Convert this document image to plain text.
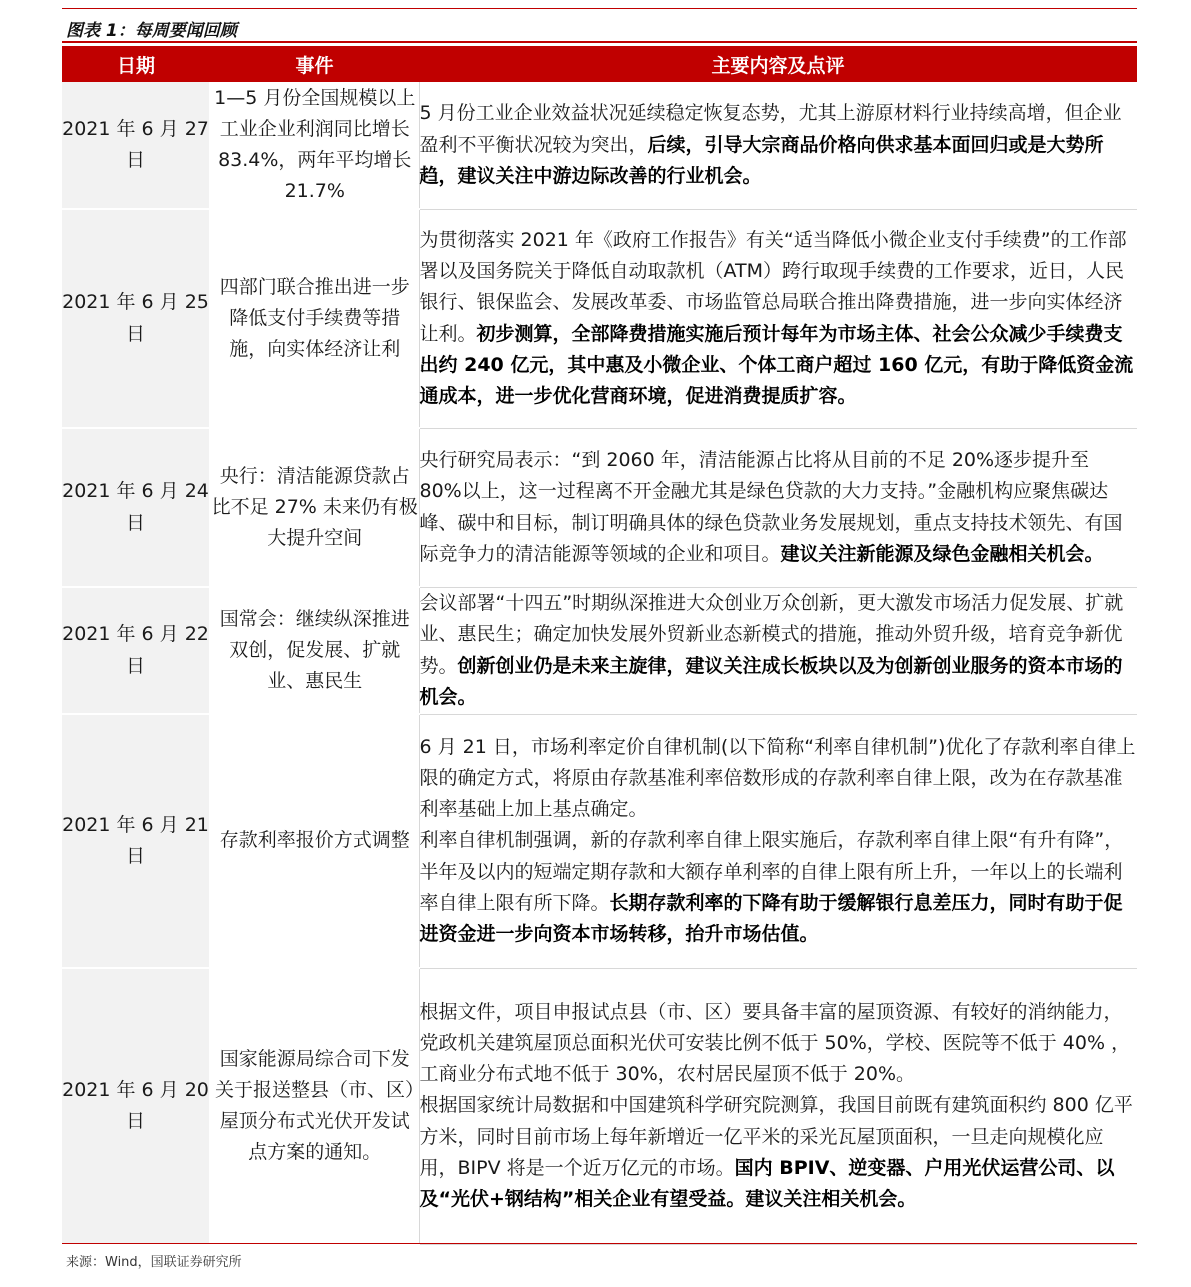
图表 1：每周要闻回顾
日期	事件	主要内容及点评
2021 年 6 月 27 日	1—5 月份全国规模以上工业企业利润同比增长 83.4%，两年平均增长 21.7%	5 月份工业企业效益状况延续稳定恢复态势，尤其上游原材料行业持续高增，但企业盈利不平衡状况较为突出，后续，引导大宗商品价格向供求基本面回归或是大势所趋，建议关注中游边际改善的行业机会。

2021 年 6 月 25 日	四部门联合推出进一步降低支付手续费等措施，向实体经济让利	为贯彻落实 2021 年《政府工作报告》有关“适当降低小微企业支付手续费”的工作部署以及国务院关于降低自动取款机（ATM）跨行取现手续费的工作要求，近日，人民银行、银保监会、发展改革委、市场监管总局联合推出降费措施，进一步向实体经济让利。初步测算，全部降费措施实施后预计每年为市场主体、社会公众减少手续费支出约 240 亿元，其中惠及小微企业、个体工商户超过 160 亿元，有助于降低资金流通成本，进一步优化营商环境，促进消费提质扩容。

2021 年 6 月 24 日	央行：清洁能源贷款占比不足 27% 未来仍有极大提升空间	央行研究局表示：“到 2060 年，清洁能源占比将从目前的不足 20%逐步提升至 80%以上，这一过程离不开金融尤其是绿色贷款的大力支持。”金融机构应聚焦碳达峰、碳中和目标，制订明确具体的绿色贷款业务发展规划，重点支持技术领先、有国际竞争力的清洁能源等领域的企业和项目。建议关注新能源及绿色金融相关机会。

2021 年 6 月 22 日	国常会：继续纵深推进双创，促发展、扩就业、惠民生	会议部署“十四五”时期纵深推进大众创业万众创新，更大激发市场活力促发展、扩就业、惠民生；确定加快发展外贸新业态新模式的措施，推动外贸升级，培育竞争新优势。创新创业仍是未来主旋律，建议关注成长板块以及为创新创业服务的资本市场的机会。

2021 年 6 月 21 日	存款利率报价方式调整	6 月 21 日，市场利率定价自律机制(以下简称“利率自律机制”)优化了存款利率自律上限的确定方式，将原由存款基准利率倍数形成的存款利率自律上限，改为在存款基准利率基础上加上基点确定。

利率自律机制强调，新的存款利率自律上限实施后，存款利率自律上限“有升有降”，半年及以内的短端定期存款和大额存单利率的自律上限有所上升，一年以上的长端利率自律上限有所下降。长期存款利率的下降有助于缓解银行息差压力，同时有助于促进资金进一步向资本市场转移，抬升市场估值。

2021 年 6 月 20 日	国家能源局综合司下发关于报送整县（市、区）屋顶分布式光伏开发试点方案的通知。	根据文件，项目申报试点县（市、区）要具备丰富的屋顶资源、有较好的消纳能力，党政机关建筑屋顶总面积光伏可安装比例不低于 50%，学校、医院等不低于 40% ，工商业分布式地不低于 30%，农村居民屋顶不低于 20%。

根据国家统计局数据和中国建筑科学研究院测算，我国目前既有建筑面积约 800 亿平方米，同时目前市场上每年新增近一亿平米的采光瓦屋顶面积，一旦走向规模化应用，BIPV 将是一个近万亿元的市场。国内 BPIV、逆变器、户用光伏运营公司、以及“光伏+钢结构”相关企业有望受益。建议关注相关机会。

来源：Wind，国联证券研究所
